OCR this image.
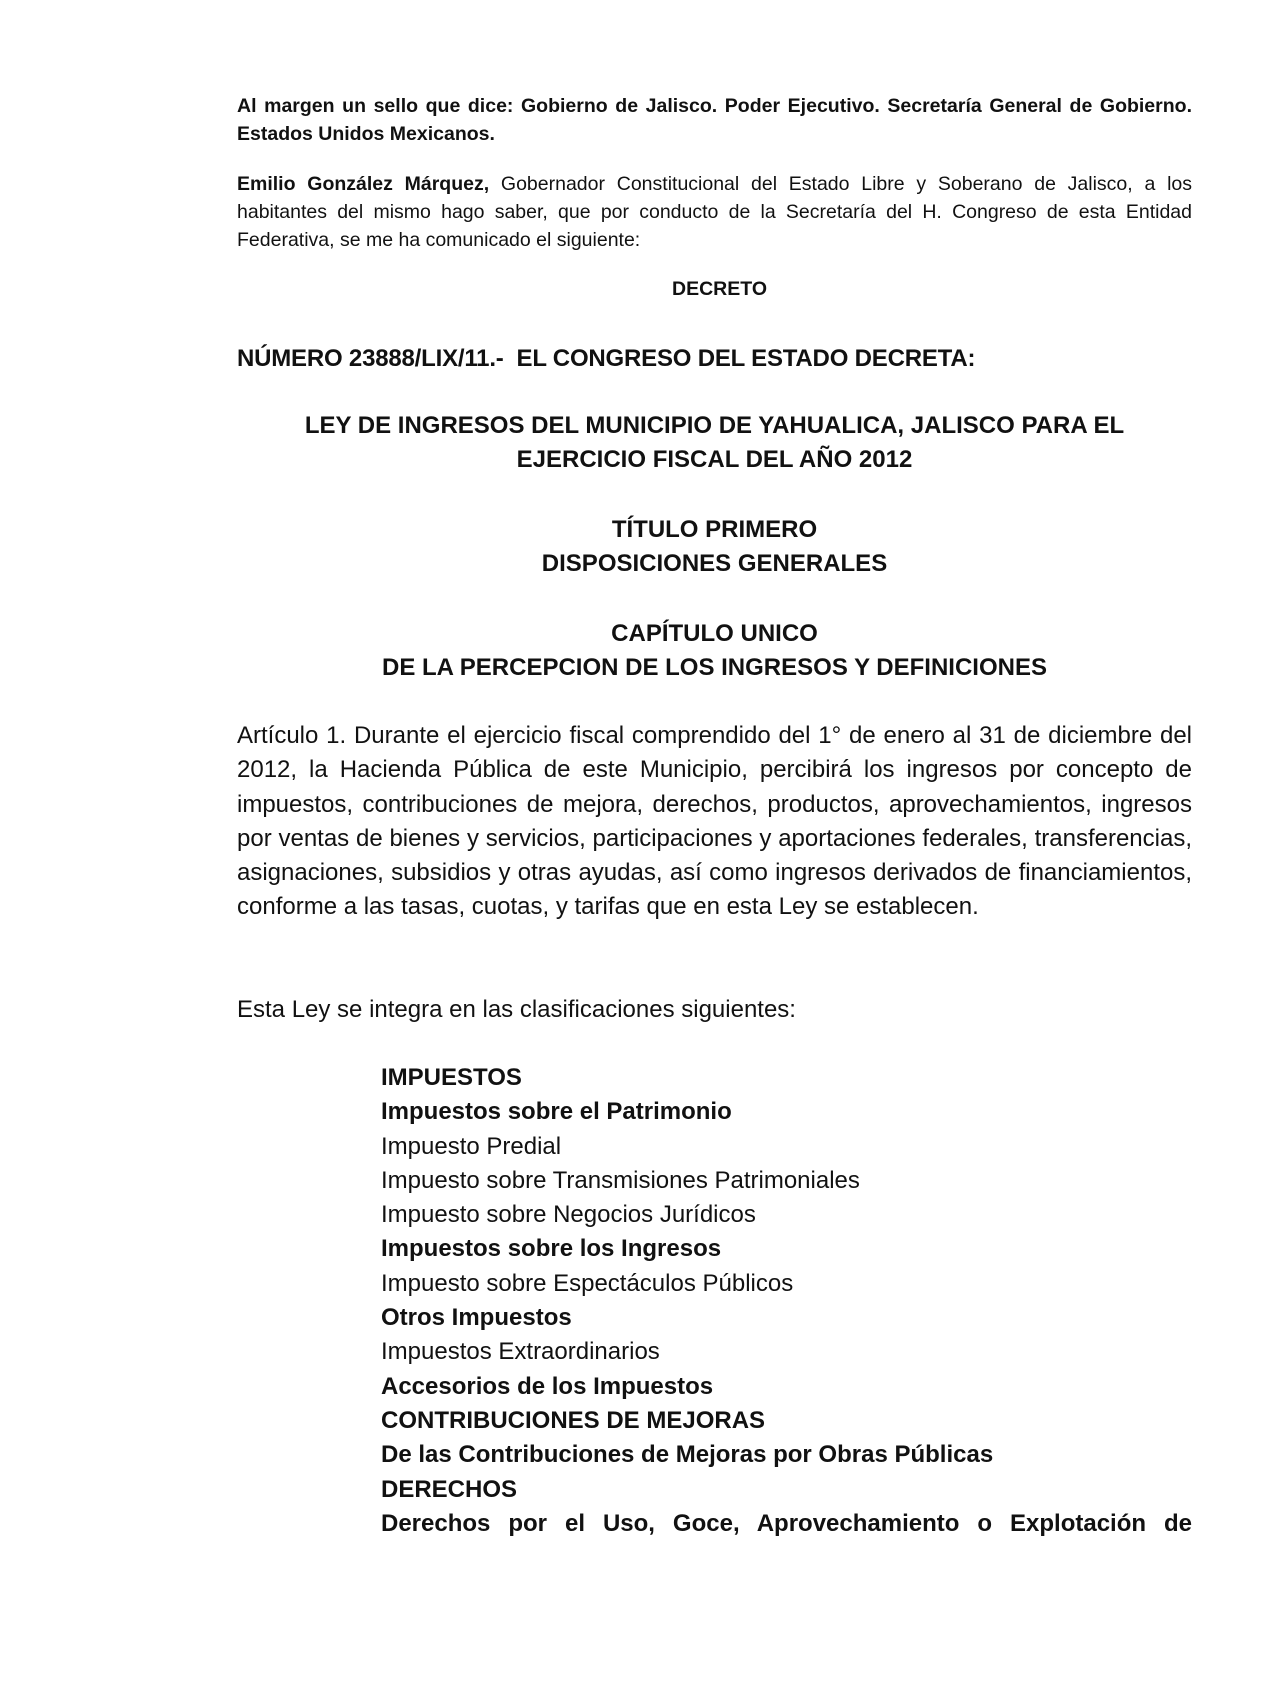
Al margen un sello que dice: Gobierno de Jalisco. Poder Ejecutivo. Secretaría General de Gobierno. Estados Unidos Mexicanos.
Emilio González Márquez, Gobernador Constitucional del Estado Libre y Soberano de Jalisco, a los habitantes del mismo hago saber, que por conducto de la Secretaría del H. Congreso de esta Entidad Federativa, se me ha comunicado el siguiente:
DECRETO
NÚMERO 23888/LIX/11.-  EL CONGRESO DEL ESTADO DECRETA:
LEY DE INGRESOS DEL MUNICIPIO DE YAHUALICA, JALISCO PARA EL
EJERCICIO FISCAL DEL AÑO 2012
TÍTULO PRIMERO
DISPOSICIONES GENERALES
CAPÍTULO UNICO
DE LA PERCEPCION DE LOS INGRESOS Y DEFINICIONES
Artículo 1. Durante el ejercicio fiscal comprendido del 1° de enero al 31 de diciembre del 2012, la Hacienda Pública de este Municipio, percibirá los ingresos por concepto de impuestos, contribuciones de mejora, derechos, productos, aprovechamientos, ingresos por ventas de bienes y servicios, participaciones y aportaciones federales, transferencias, asignaciones, subsidios y otras ayudas, así como ingresos derivados de financiamientos, conforme a las tasas, cuotas, y tarifas que en esta Ley se establecen.
Esta Ley se integra en las clasificaciones siguientes:
IMPUESTOS
Impuestos sobre el Patrimonio
Impuesto Predial
Impuesto sobre Transmisiones Patrimoniales
Impuesto sobre Negocios Jurídicos
Impuestos sobre los Ingresos
Impuesto sobre Espectáculos Públicos
Otros Impuestos
Impuestos Extraordinarios
Accesorios de los Impuestos
CONTRIBUCIONES DE MEJORAS
De las Contribuciones de Mejoras por Obras Públicas
DERECHOS
Derechos por el Uso, Goce, Aprovechamiento o Explotación de
